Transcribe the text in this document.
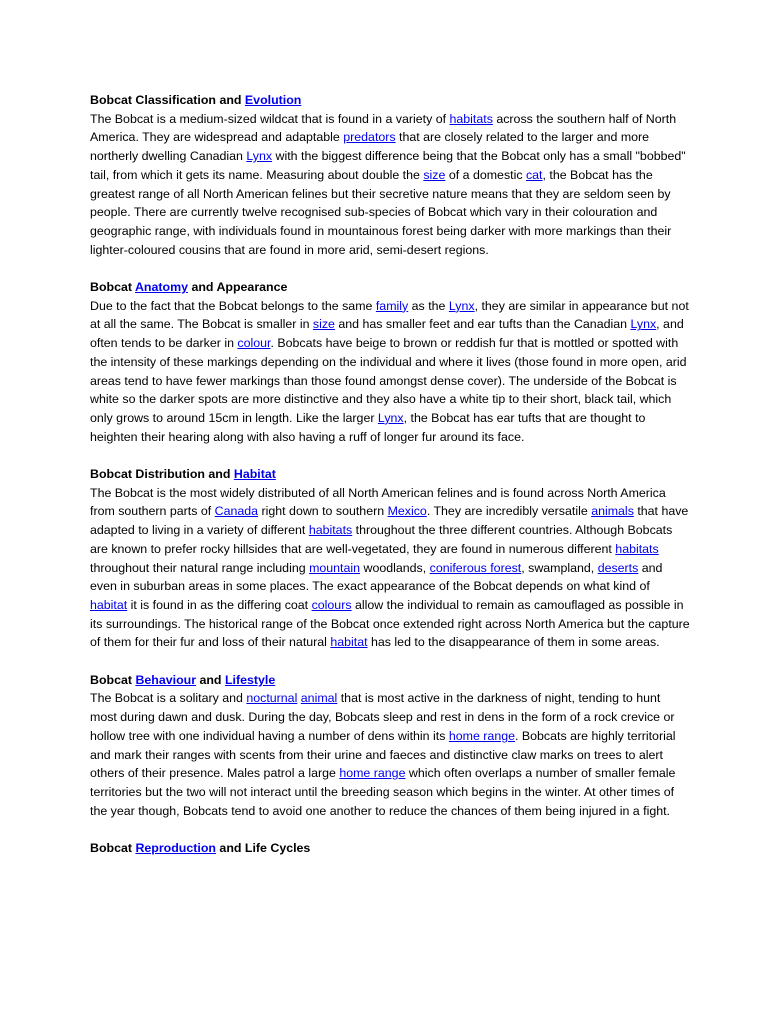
Bobcat Classification and Evolution

The Bobcat is a medium-sized wildcat that is found in a variety of habitats across the southern half of North America. They are widespread and adaptable predators that are closely related to the larger and more northerly dwelling Canadian Lynx with the biggest difference being that the Bobcat only has a small "bobbed" tail, from which it gets its name. Measuring about double the size of a domestic cat, the Bobcat has the greatest range of all North American felines but their secretive nature means that they are seldom seen by people. There are currently twelve recognised sub-species of Bobcat which vary in their colouration and geographic range, with individuals found in mountainous forest being darker with more markings than their lighter-coloured cousins that are found in more arid, semi-desert regions.

Bobcat Anatomy and Appearance

Due to the fact that the Bobcat belongs to the same family as the Lynx, they are similar in appearance but not at all the same. The Bobcat is smaller in size and has smaller feet and ear tufts than the Canadian Lynx, and often tends to be darker in colour. Bobcats have beige to brown or reddish fur that is mottled or spotted with the intensity of these markings depending on the individual and where it lives (those found in more open, arid areas tend to have fewer markings than those found amongst dense cover). The underside of the Bobcat is white so the darker spots are more distinctive and they also have a white tip to their short, black tail, which only grows to around 15cm in length. Like the larger Lynx, the Bobcat has ear tufts that are thought to heighten their hearing along with also having a ruff of longer fur around its face.

Bobcat Distribution and Habitat

The Bobcat is the most widely distributed of all North American felines and is found across North America from southern parts of Canada right down to southern Mexico. They are incredibly versatile animals that have adapted to living in a variety of different habitats throughout the three different countries. Although Bobcats are known to prefer rocky hillsides that are well-vegetated, they are found in numerous different habitats throughout their natural range including mountain woodlands, coniferous forest, swampland, deserts and even in suburban areas in some places. The exact appearance of the Bobcat depends on what kind of habitat it is found in as the differing coat colours allow the individual to remain as camouflaged as possible in its surroundings. The historical range of the Bobcat once extended right across North America but the capture of them for their fur and loss of their natural habitat has led to the disappearance of them in some areas.

Bobcat Behaviour and Lifestyle

The Bobcat is a solitary and nocturnal animal that is most active in the darkness of night, tending to hunt most during dawn and dusk. During the day, Bobcats sleep and rest in dens in the form of a rock crevice or hollow tree with one individual having a number of dens within its home range. Bobcats are highly territorial and mark their ranges with scents from their urine and faeces and distinctive claw marks on trees to alert others of their presence. Males patrol a large home range which often overlaps a number of smaller female territories but the two will not interact until the breeding season which begins in the winter. At other times of the year though, Bobcats tend to avoid one another to reduce the chances of them being injured in a fight.

Bobcat Reproduction and Life Cycles
